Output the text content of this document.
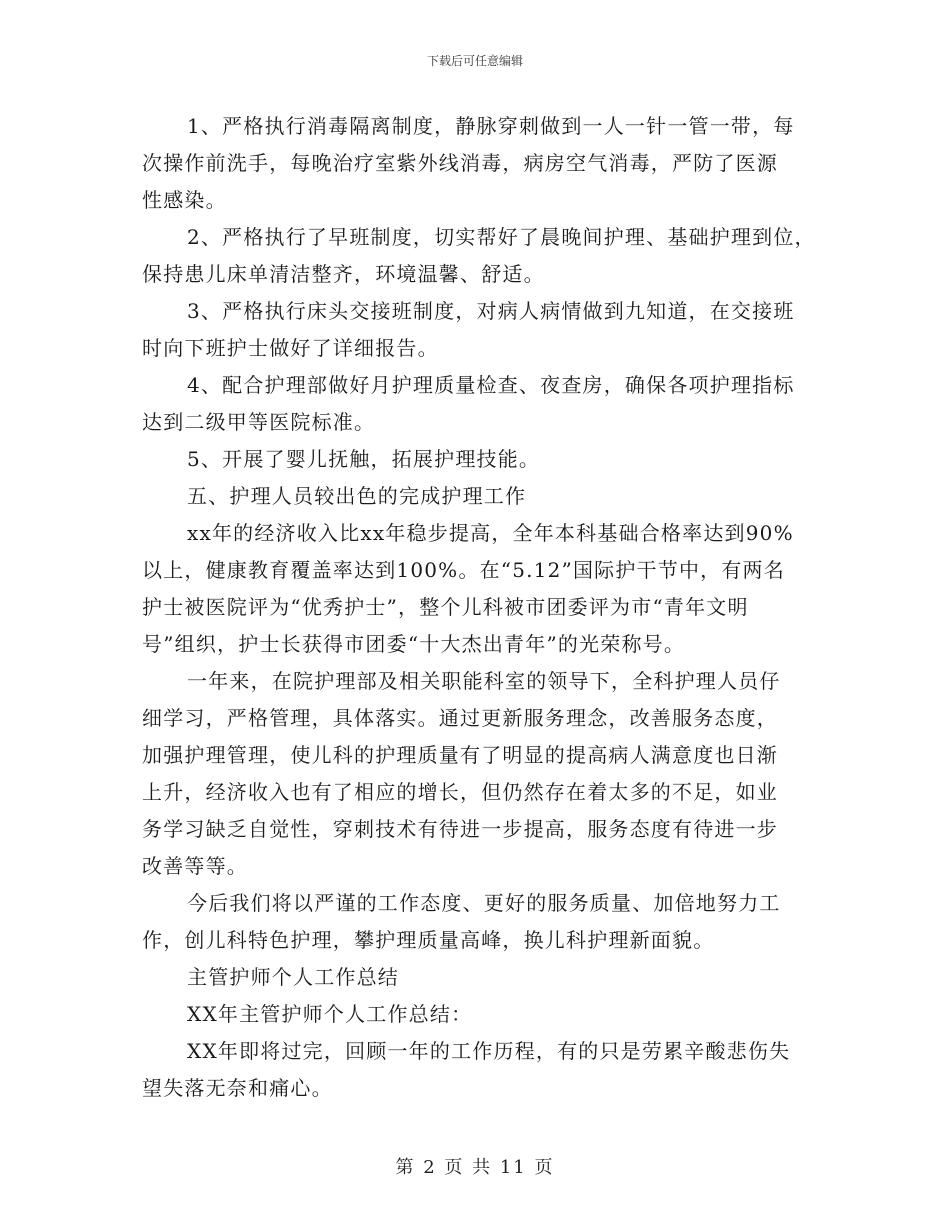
下载后可任意编辑
1、严格执行消毒隔离制度，静脉穿刺做到一人一针一管一带，每
次操作前洗手，每晚治疗室紫外线消毒，病房空气消毒，严防了医源
性感染。
2、严格执行了早班制度，切实帮好了晨晚间护理、基础护理到位，
保持患儿床单清洁整齐，环境温馨、舒适。
3、严格执行床头交接班制度，对病人病情做到九知道，在交接班
时向下班护士做好了详细报告。
4、配合护理部做好月护理质量检查、夜查房，确保各项护理指标
达到二级甲等医院标准。
5、开展了婴儿抚触，拓展护理技能。
五、护理人员较出色的完成护理工作
xx年的经济收入比xx年稳步提高，全年本科基础合格率达到90%
以上，健康教育覆盖率达到100%。在“5.12”国际护干节中，有两名
护士被医院评为“优秀护士”，整个儿科被市团委评为市“青年文明
号”组织，护士长获得市团委“十大杰出青年”的光荣称号。
一年来，在院护理部及相关职能科室的领导下，全科护理人员仔
细学习，严格管理，具体落实。通过更新服务理念，改善服务态度，
加强护理管理，使儿科的护理质量有了明显的提高病人满意度也日渐
上升，经济收入也有了相应的增长，但仍然存在着太多的不足，如业
务学习缺乏自觉性，穿刺技术有待进一步提高，服务态度有待进一步
改善等等。
今后我们将以严谨的工作态度、更好的服务质量、加倍地努力工
作，创儿科特色护理，攀护理质量高峰，换儿科护理新面貌。
主管护师个人工作总结
XX年主管护师个人工作总结：
XX年即将过完，回顾一年的工作历程，有的只是劳累辛酸悲伤失
望失落无奈和痛心。
第 2 页 共 11 页
